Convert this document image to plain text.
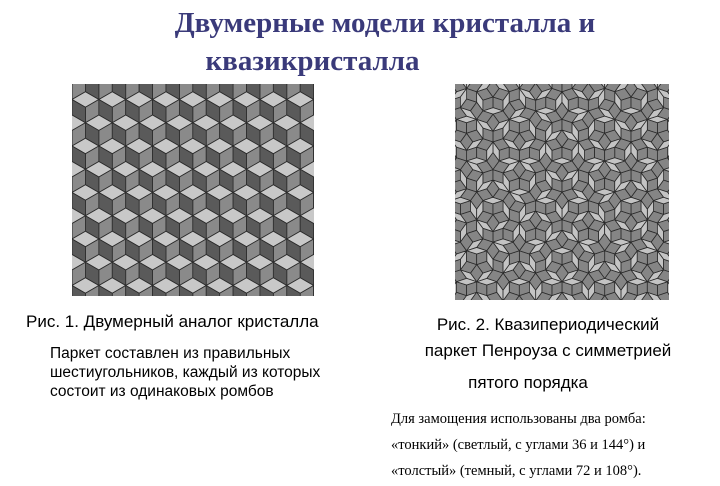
Двумерные модели кристалла и
квазикристалла
Рис. 1. Двумерный аналог кристалла
Паркет составлен из правильных шестиугольников, каждый из которых состоит из одинаковых ромбов
Рис. 2. Квазипериодический
паркет Пенроуза с симметрией
пятого порядка
Для замощения использованы два ромба:
«тонкий» (светлый, с углами 36 и 144°) и
«толстый» (темный, с углами 72 и 108°).
